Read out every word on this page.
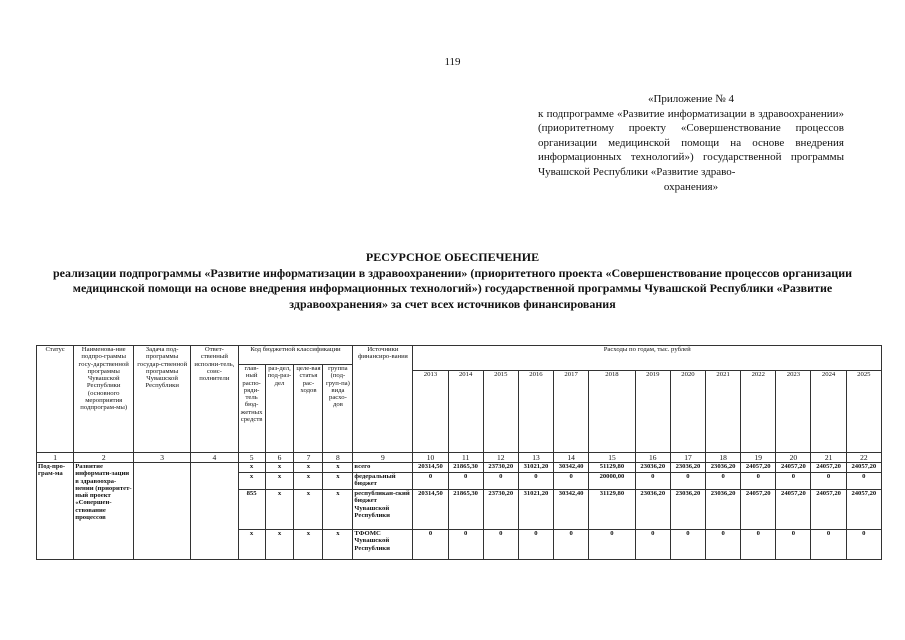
119
«Приложение № 4
к подпрограмме «Развитие информатизации в здравоохранении» (приоритетному проекту «Совершенствование процессов организации медицинской помощи на основе внедрения информационных технологий») государственной программы Чувашской Республики «Развитие здраво-
охранения»
РЕСУРСНОЕ ОБЕСПЕЧЕНИЕ
реализации подпрограммы «Развитие информатизации в здравоохранении» (приоритетного проекта «Совершенствование процессов организации медицинской помощи на основе внедрения информационных технологий») государственной программы Чувашской Республики «Развитие здравоохранения» за счет всех источников финансирования
Статус	Наименова-ние подпро-граммы госу-дарственной программы Чувашской Республики (основного мероприятия подпрограм-мы)	Задача под-программы государ-ственной программы Чувашской Республики	Ответ-ственный исполни-тель, соис-полнители	Код бюджетной классификации				Источники финансиро-вания	Расходы по годам, тыс. рублей												
				глав-ный распо-ряди-тель бюд-жетных средств	раз-дел, под-раз-дел	целе-вая статья рас-ходов	группа (под-груп-па) вида расхо-дов														
									2013	2014	2015	2016	2017	2018	2019	2020	2021	2022	2023	2024	2025
1	2	3	4	5	6	7	8	9	10	11	12	13	14	15	16	17	18	19	20	21	22
Под-про-грам-ма	Развитие информати-зации в здравоохра-нении (приоритет-ный проект «Совершен-ствование процессов			x	x	x	x	всего	20314,50	21865,30	23730,20	31021,20	30342,40	51129,80	23036,20	23036,20	23036,20	24057,20	24057,20	24057,20	24057,20
				x	x	x	x	федеральный бюджет	0	0	0	0	0	20000,00	0	0	0	0	0	0	0
				855	x	x	x	республикан-ский бюджет Чувашской Республики	20314,50	21865,30	23730,20	31021,20	30342,40	31129,80	23036,20	23036,20	23036,20	24057,20	24057,20	24057,20	24057,20
				x	x	x	x	ТФОМС Чувашской Республики	0	0	0	0	0	0	0	0	0	0	0	0	0
